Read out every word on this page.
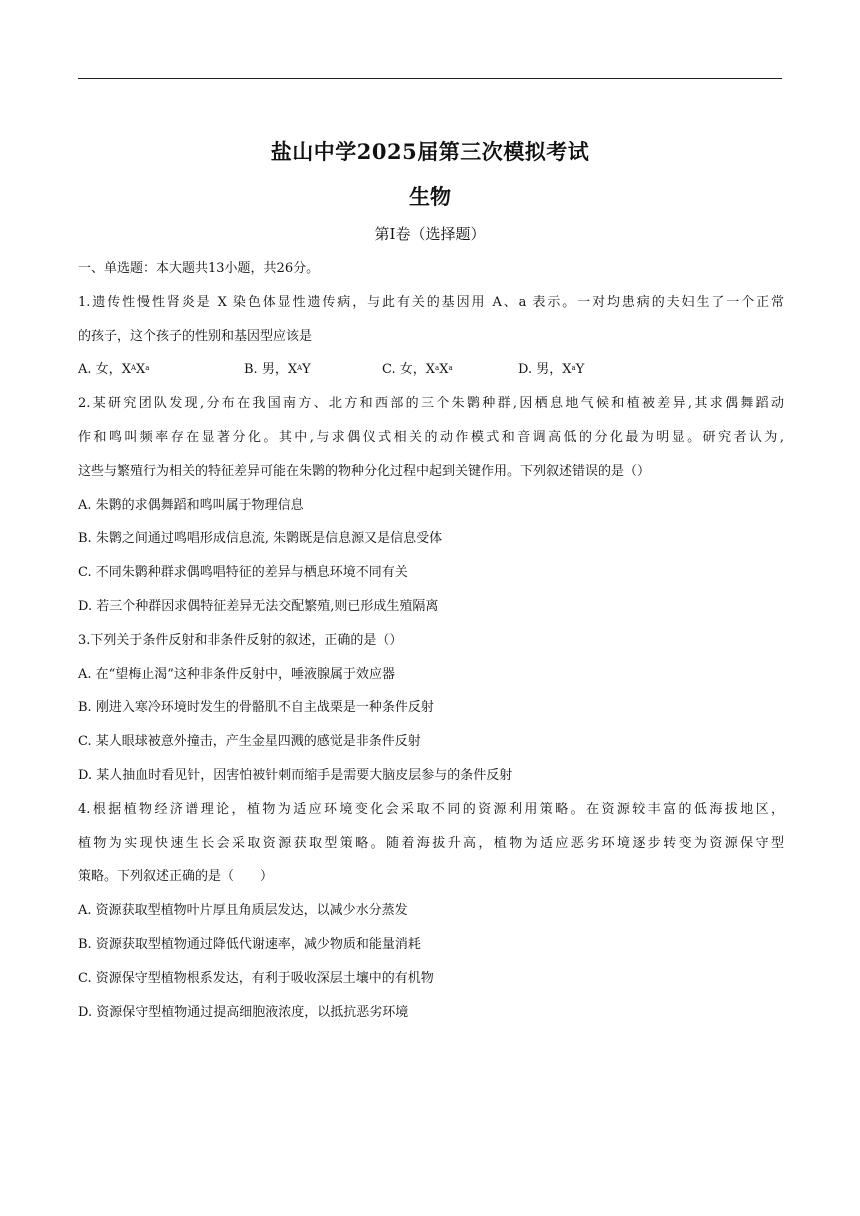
盐山中学2025届第三次模拟考试
生物
第Ⅰ卷（选择题）
一、单选题：本大题共13小题，共26分。
1.遗传性慢性肾炎是 X 染色体显性遗传病，与此有关的基因用 A、a 表示。一对均患病的夫妇生了一个正常
的孩子，这个孩子的性别和基因型应该是
A. 女，$X^AX^a$	B. 男，$X^AY$	C. 女，$X^aX^a$	D. 男，$X^aY$
2.某研究团队发现,分布在我国南方、北方和西部的三个朱鹮种群,因栖息地气候和植被差异,其求偶舞蹈动
作和鸣叫频率存在显著分化。其中,与求偶仪式相关的动作模式和音调高低的分化最为明显。研究者认为,
这些与繁殖行为相关的特征差异可能在朱鹮的物种分化过程中起到关键作用。下列叙述错误的是（）
A. 朱鹮的求偶舞蹈和鸣叫属于物理信息
B. 朱鹮之间通过鸣唱形成信息流, 朱鹮既是信息源又是信息受体
C. 不同朱鹮种群求偶鸣唱特征的差异与栖息环境不同有关
D. 若三个种群因求偶特征差异无法交配繁殖,则已形成生殖隔离
3.下列关于条件反射和非条件反射的叙述，正确的是（）
A. 在“望梅止渴”这种非条件反射中，唾液腺属于效应器
B. 刚进入寒冷环境时发生的骨骼肌不自主战栗是一种条件反射
C. 某人眼球被意外撞击，产生金星四溅的感觉是非条件反射
D. 某人抽血时看见针，因害怕被针刺而缩手是需要大脑皮层参与的条件反射
4.根据植物经济谱理论，植物为适应环境变化会采取不同的资源利用策略。在资源较丰富的低海拔地区，
植物为实现快速生长会采取资源获取型策略。随着海拔升高，植物为适应恶劣环境逐步转变为资源保守型
策略。下列叙述正确的是（　　）
A. 资源获取型植物叶片厚且角质层发达，以减少水分蒸发
B. 资源获取型植物通过降低代谢速率，减少物质和能量消耗
C. 资源保守型植物根系发达，有利于吸收深层土壤中的有机物
D. 资源保守型植物通过提高细胞液浓度，以抵抗恶劣环境
